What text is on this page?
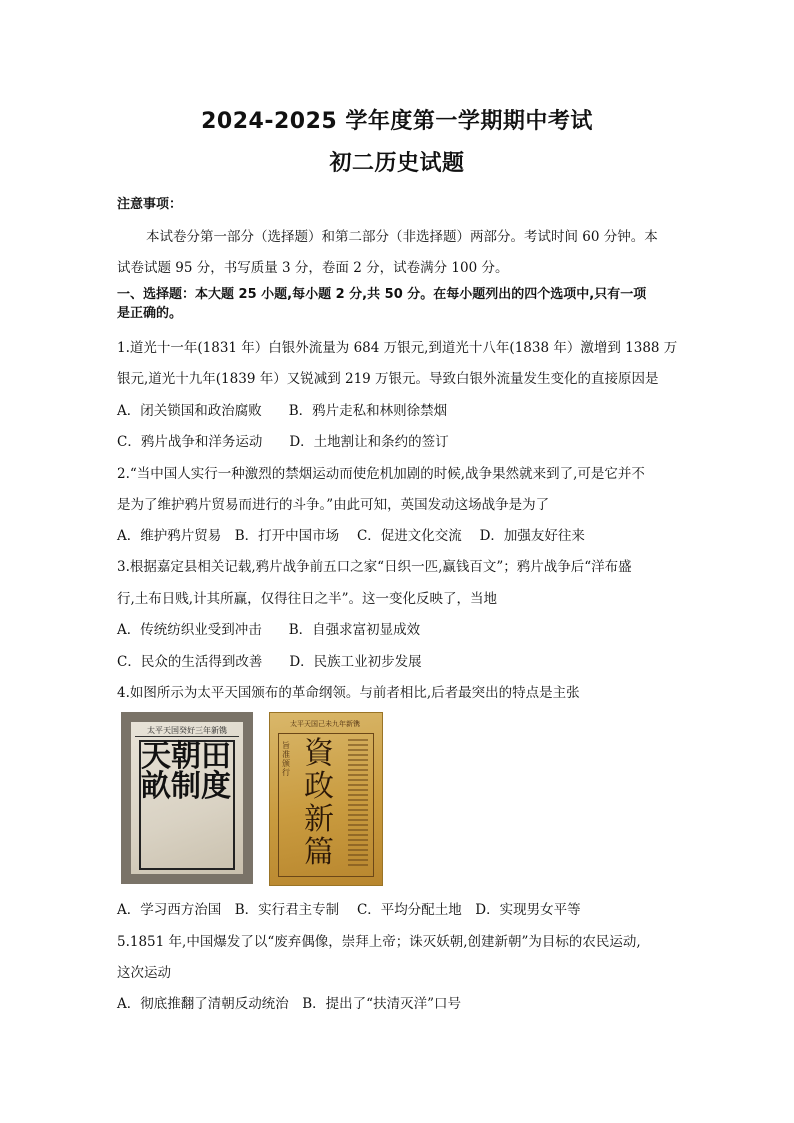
2024-2025 学年度第一学期期中考试
初二历史试题
注意事项：
本试卷分第一部分（选择题）和第二部分（非选择题）两部分。考试时间 60 分钟。本
试卷试题 95 分，书写质量 3 分，卷面 2 分，试卷满分 100 分。
一、选择题：本大题 25 小题,每小题 2 分,共 50 分。在每小题列出的四个选项中,只有一项
是正确的。
1.道光十一年(1831 年）白银外流量为 684 万银元,到道光十八年(1838 年）激增到 1388 万
银元,道光十九年(1839 年）又锐减到 219 万银元。导致白银外流量发生变化的直接原因是
A．闭关锁国和政治腐败　　B．鸦片走私和林则徐禁烟
C．鸦片战争和洋务运动　　D．土地割让和条约的签订
2.“当中国人实行一种激烈的禁烟运动而使危机加剧的时候,战争果然就来到了,可是它并不
是为了维护鸦片贸易而进行的斗争。”由此可知，英国发动这场战争是为了
A．维护鸦片贸易　B．打开中国市场　 C．促进文化交流　 D．加强友好往来
3.根据嘉定县相关记载,鸦片战争前五口之家“日织一匹,赢钱百文”；鸦片战争后“洋布盛
行,土布日贱,计其所赢，仅得往日之半”。这一变化反映了，当地
A．传统纺织业受到冲击　　B．自强求富初显成效
C．民众的生活得到改善　　D．民族工业初步发展
4.如图所示为太平天国颁布的革命纲领。与前者相比,后者最突出的特点是主张
太平天国癸好三年新镌
天朝田畝制度
太平天国己未九年新镌
旨准颁行
資政新篇
A．学习西方治国　B．实行君主专制　 C．平均分配土地　D．实现男女平等
5.1851 年,中国爆发了以“废弃偶像，崇拜上帝；诛灭妖朝,创建新朝”为目标的农民运动,
这次运动
A．彻底推翻了清朝反动统治　B．提出了“扶清灭洋”口号
